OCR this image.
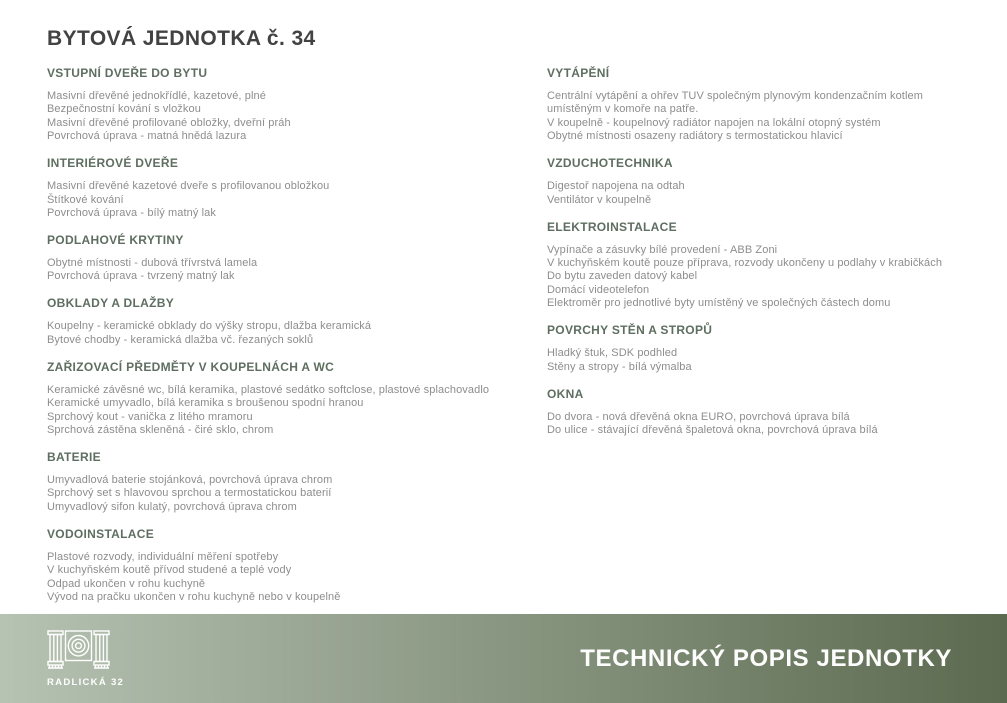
BYTOVÁ JEDNOTKA č. 34
VSTUPNÍ DVEŘE DO BYTU

Masivní dřevěné jednokřídlé, kazetové, plné

Bezpečnostní kování s vložkou

Masivní dřevěné profilované obložky, dveřní práh

Povrchová úprava - matná hnědá lazura

INTERIÉROVÉ DVEŘE

Masivní dřevěné kazetové dveře s profilovanou obložkou

Štítkové kování

Povrchová úprava - bílý matný lak

PODLAHOVÉ KRYTINY

Obytné místnosti - dubová třívrstvá lamela

Povrchová úprava - tvrzený matný lak

OBKLADY A DLAŽBY

Koupelny - keramické obklady do výšky stropu, dlažba keramická

Bytové chodby - keramická dlažba vč. řezaných soklů

ZAŘIZOVACÍ PŘEDMĚTY V KOUPELNÁCH A WC

Keramické závěsné wc, bílá keramika, plastové sedátko softclose, plastové splachovadlo

Keramické umyvadlo, bílá keramika s broušenou spodní hranou

Sprchový kout - vanička z litého mramoru

Sprchová zástěna skleněná - čiré sklo, chrom

BATERIE

Umyvadlová baterie stojánková, povrchová úprava chrom

Sprchový set s hlavovou sprchou a termostatickou baterií

Umyvadlový sifon kulatý, povrchová úprava chrom

VODOINSTALACE

Plastové rozvody, individuální měření spotřeby

V kuchyňském koutě přívod studené a teplé vody

Odpad ukončen v rohu kuchyně

Vývod na pračku ukončen v rohu kuchyně nebo v koupelně

VYTÁPĚNÍ

Centrální vytápění a ohřev TUV společným plynovým kondenzačním kotlem

umístěným v komoře na patře.

V koupelně - koupelnový radiátor napojen na lokální otopný systém

Obytné místnosti osazeny radiátory s termostatickou hlavicí

VZDUCHOTECHNIKA

Digestoř napojena na odtah

Ventilátor v koupelně

ELEKTROINSTALACE

Vypínače a zásuvky bílé provedení - ABB Zoni

V kuchyňském koutě pouze příprava, rozvody ukončeny u podlahy v krabičkách

Do bytu zaveden datový kabel

Domácí videotelefon

Elektroměr pro jednotlivé byty umístěný ve společných částech domu

POVRCHY STĚN A STROPŮ

Hladký štuk, SDK podhled

Stěny a stropy - bílá výmalba

OKNA

Do dvora - nová dřevěná okna EURO, povrchová úprava bílá

Do ulice - stávající dřevěná špaletová okna, povrchová úprava bílá

RADLICKÁ 32
TECHNICKÝ POPIS JEDNOTKY
